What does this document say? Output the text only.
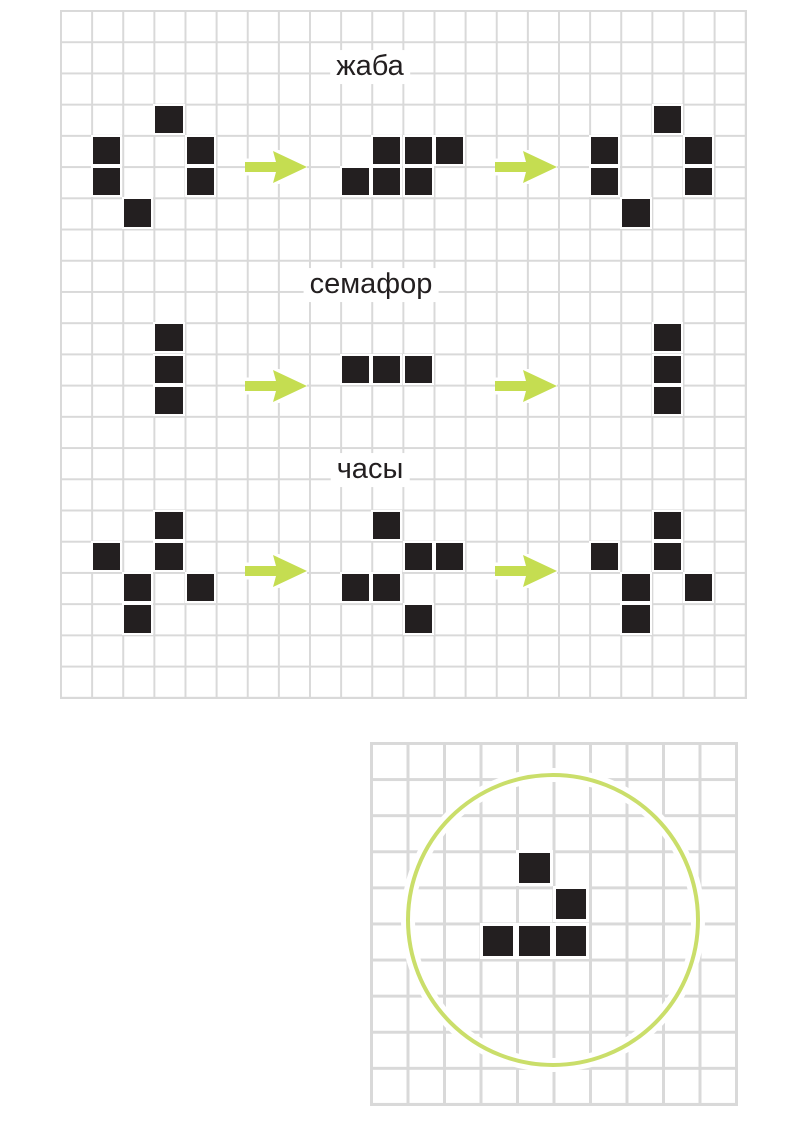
жаба
семафор
часы
